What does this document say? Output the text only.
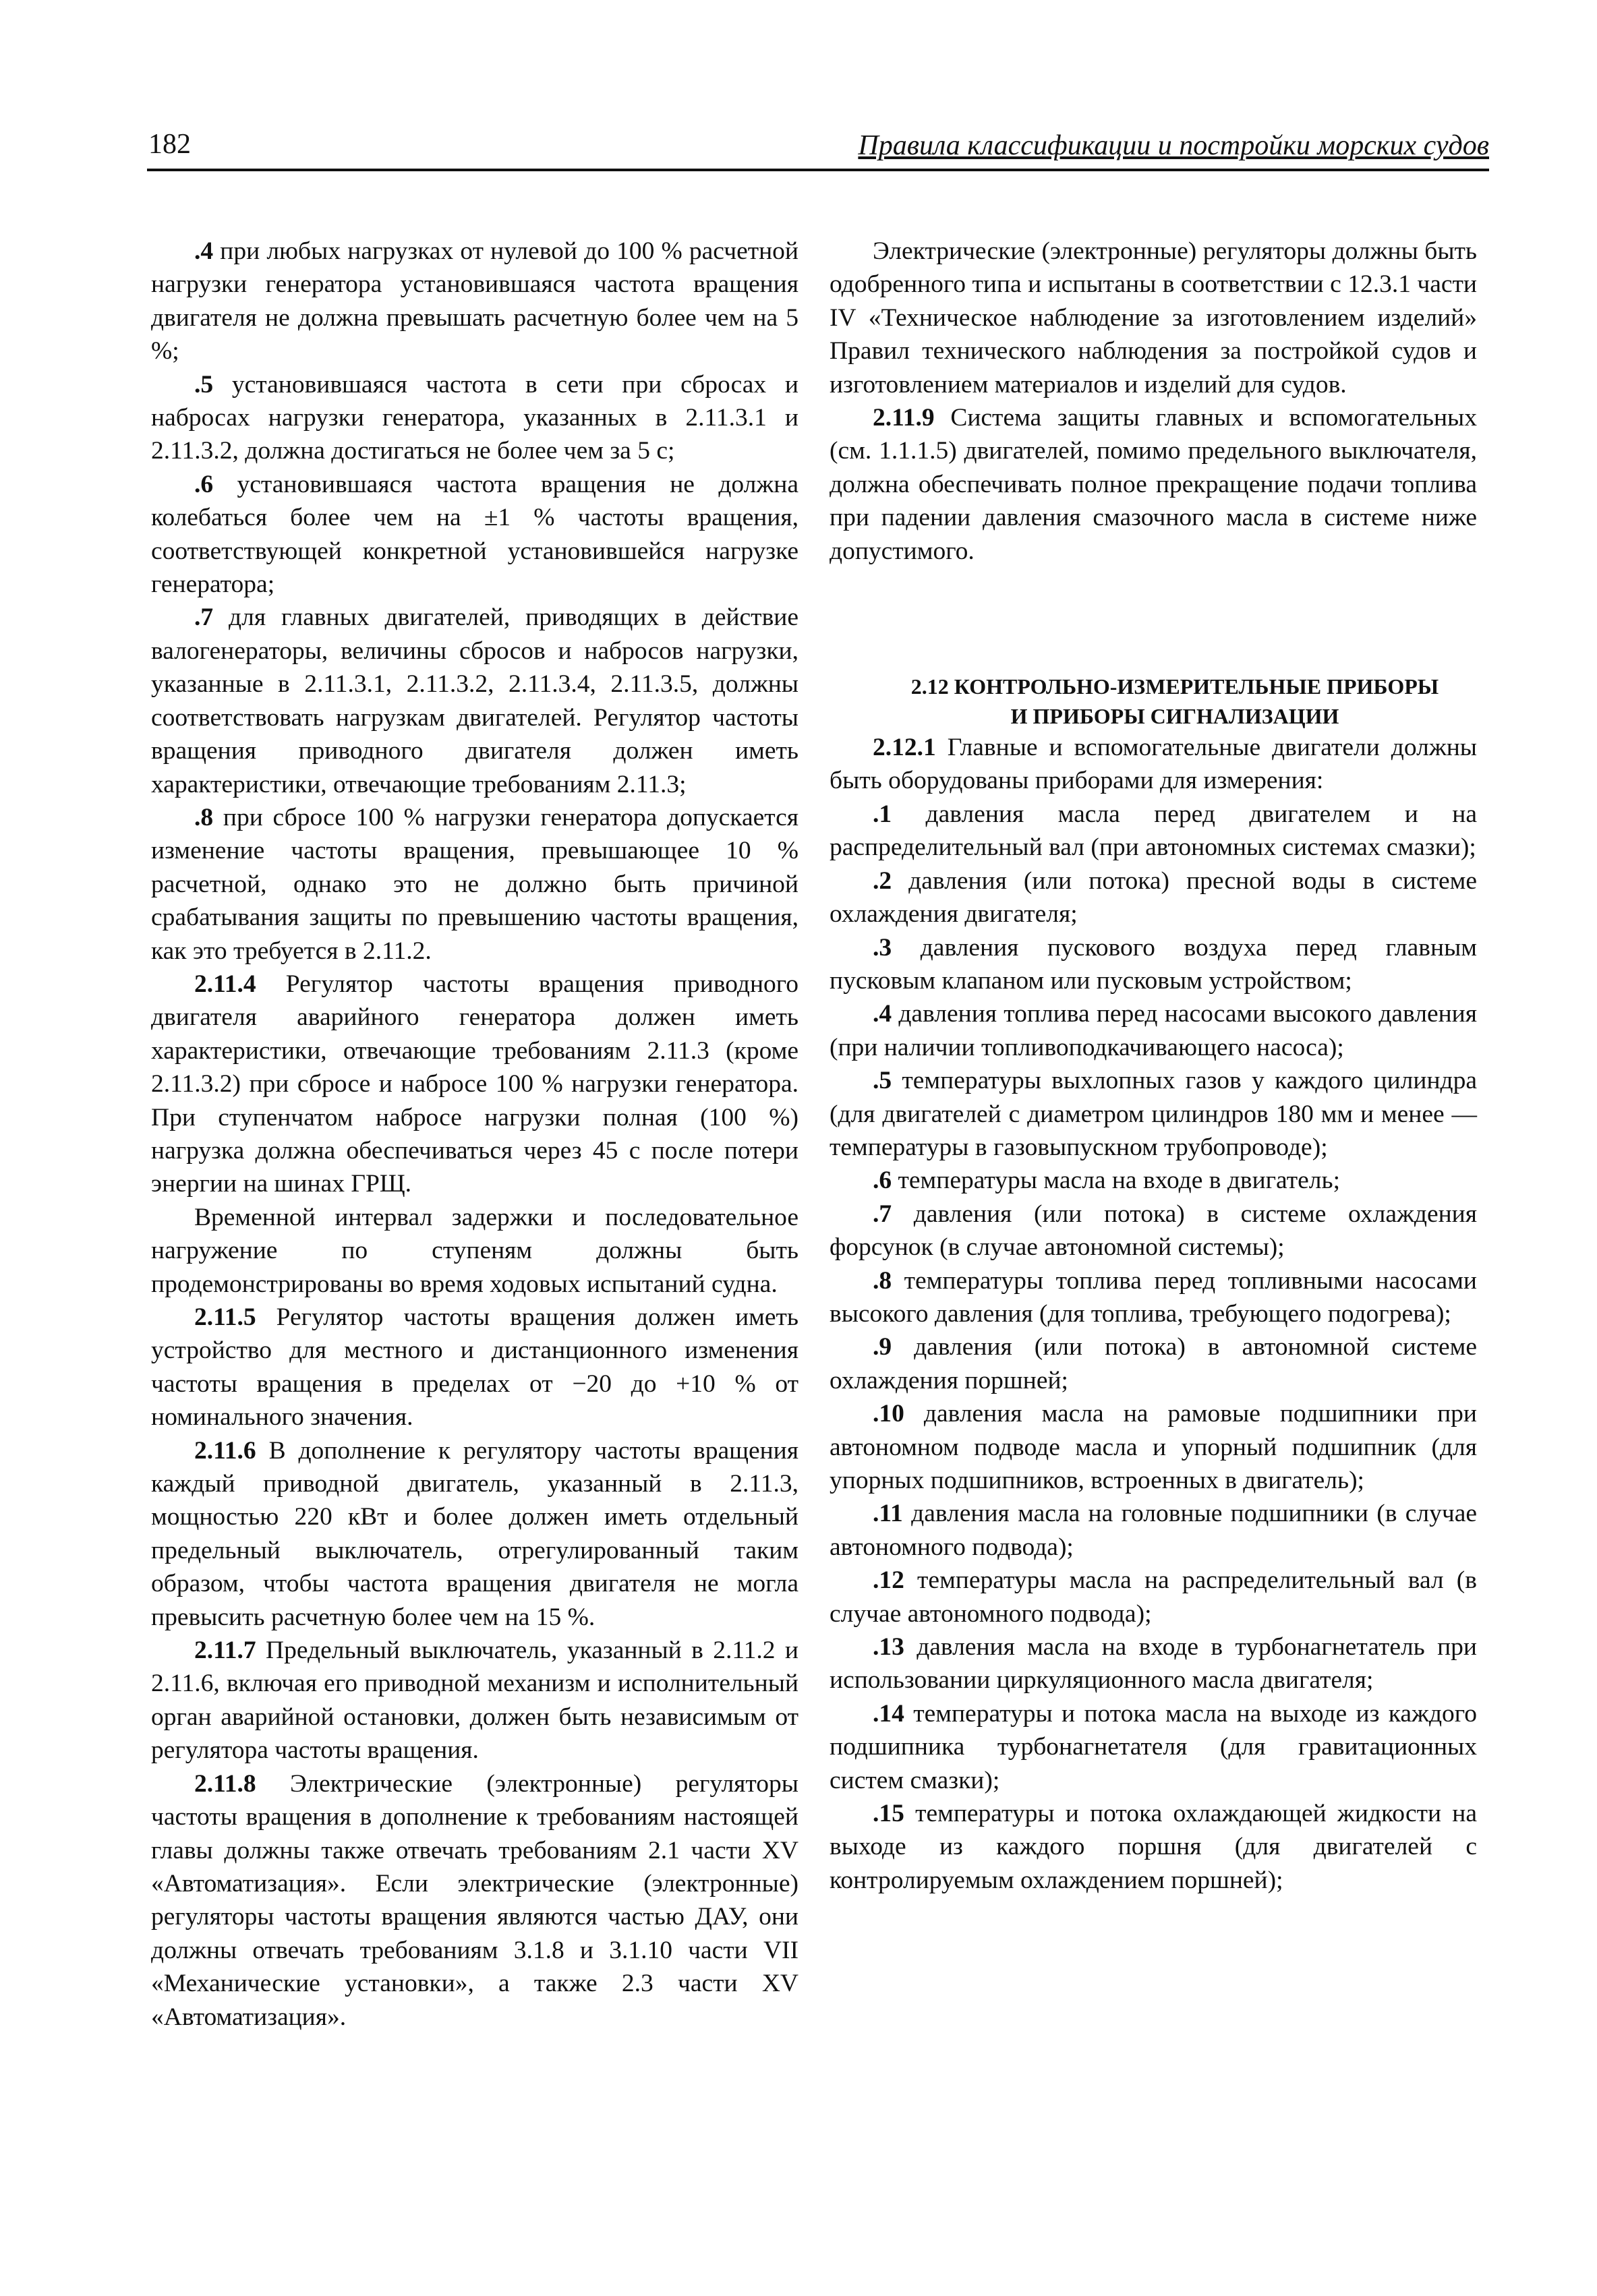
182	Правила классификации и постройки морских судов

.4 при любых нагрузках от нулевой до 100 % расчетной нагрузки генератора установившаяся частота вращения двигателя не должна превышать расчетную более чем на 5 %;

.5 установившаяся частота в сети при сбросах и набросах нагрузки генератора, указанных в 2.11.3.1 и 2.11.3.2, должна достигаться не более чем за 5 с;

.6 установившаяся частота вращения не должна колебаться более чем на ±1 % частоты вращения, соответствующей конкретной установившейся нагрузке генератора;

.7 для главных двигателей, приводящих в действие валогенераторы, величины сбросов и набросов нагрузки, указанные в 2.11.3.1, 2.11.3.2, 2.11.3.4, 2.11.3.5, должны соответствовать нагрузкам двигателей. Регулятор частоты вращения приводного двигателя должен иметь характеристики, отвечающие требованиям 2.11.3;

.8 при сбросе 100 % нагрузки генератора допускается изменение частоты вращения, превышающее 10 % расчетной, однако это не должно быть причиной срабатывания защиты по превышению частоты вращения, как это требуется в 2.11.2.

2.11.4 Регулятор частоты вращения приводного двигателя аварийного генератора должен иметь характеристики, отвечающие требованиям 2.11.3 (кроме 2.11.3.2) при сбросе и набросе 100 % нагрузки генератора. При ступенчатом набросе нагрузки полная (100 %) нагрузка должна обеспечиваться через 45 с после потери энергии на шинах ГРЩ.

Временной интервал задержки и последовательное нагружение по ступеням должны быть продемонстрированы во время ходовых испытаний судна.

2.11.5 Регулятор частоты вращения должен иметь устройство для местного и дистанционного изменения частоты вращения в пределах от −20 до +10 % от номинального значения.

2.11.6 В дополнение к регулятору частоты вращения каждый приводной двигатель, указанный в 2.11.3, мощностью 220 кВт и более должен иметь отдельный предельный выключатель, отрегулированный таким образом, чтобы частота вращения двигателя не могла превысить расчетную более чем на 15 %.

2.11.7 Предельный выключатель, указанный в 2.11.2 и 2.11.6, включая его приводной механизм и исполнительный орган аварийной остановки, должен быть независимым от регулятора частоты вращения.

2.11.8 Электрические (электронные) регуляторы частоты вращения в дополнение к требованиям настоящей главы должны также отвечать требованиям 2.1 части XV «Автоматизация». Если электрические (электронные) регуляторы частоты вращения являются частью ДАУ, они должны отвечать требованиям 3.1.8 и 3.1.10 части VII «Механические установки», а также 2.3 части XV «Автоматизация».

Электрические (электронные) регуляторы должны быть одобренного типа и испытаны в соответствии с 12.3.1 части IV «Техническое наблюдение за изготовлением изделий» Правил технического наблюдения за постройкой судов и изготовлением материалов и изделий для судов.

2.11.9 Система защиты главных и вспомогательных (см. 1.1.1.5) двигателей, помимо предельного выключателя, должна обеспечивать полное прекращение подачи топлива при падении давления смазочного масла в системе ниже допустимого.

2.12 КОНТРОЛЬНО-ИЗМЕРИТЕЛЬНЫЕ ПРИБОРЫ
И ПРИБОРЫ СИГНАЛИЗАЦИИ

2.12.1 Главные и вспомогательные двигатели должны быть оборудованы приборами для измерения:

.1 давления масла перед двигателем и на распределительный вал (при автономных системах смазки);

.2 давления (или потока) пресной воды в системе охлаждения двигателя;

.3 давления пускового воздуха перед главным пусковым клапаном или пусковым устройством;

.4 давления топлива перед насосами высокого давления (при наличии топливоподкачивающего насоса);

.5 температуры выхлопных газов у каждого цилиндра (для двигателей с диаметром цилиндров 180 мм и менее — температуры в газовыпускном трубопроводе);

.6 температуры масла на входе в двигатель;

.7 давления (или потока) в системе охлаждения форсунок (в случае автономной системы);

.8 температуры топлива перед топливными насосами высокого давления (для топлива, требующего подогрева);

.9 давления (или потока) в автономной системе охлаждения поршней;

.10 давления масла на рамовые подшипники при автономном подводе масла и упорный подшипник (для упорных подшипников, встроенных в двигатель);

.11 давления масла на головные подшипники (в случае автономного подвода);

.12 температуры масла на распределительный вал (в случае автономного подвода);

.13 давления масла на входе в турбонагнетатель при использовании циркуляционного масла двигателя;

.14 температуры и потока масла на выходе из каждого подшипника турбонагнетателя (для гравитационных систем смазки);

.15 температуры и потока охлаждающей жидкости на выходе из каждого поршня (для двигателей с контролируемым охлаждением поршней);
